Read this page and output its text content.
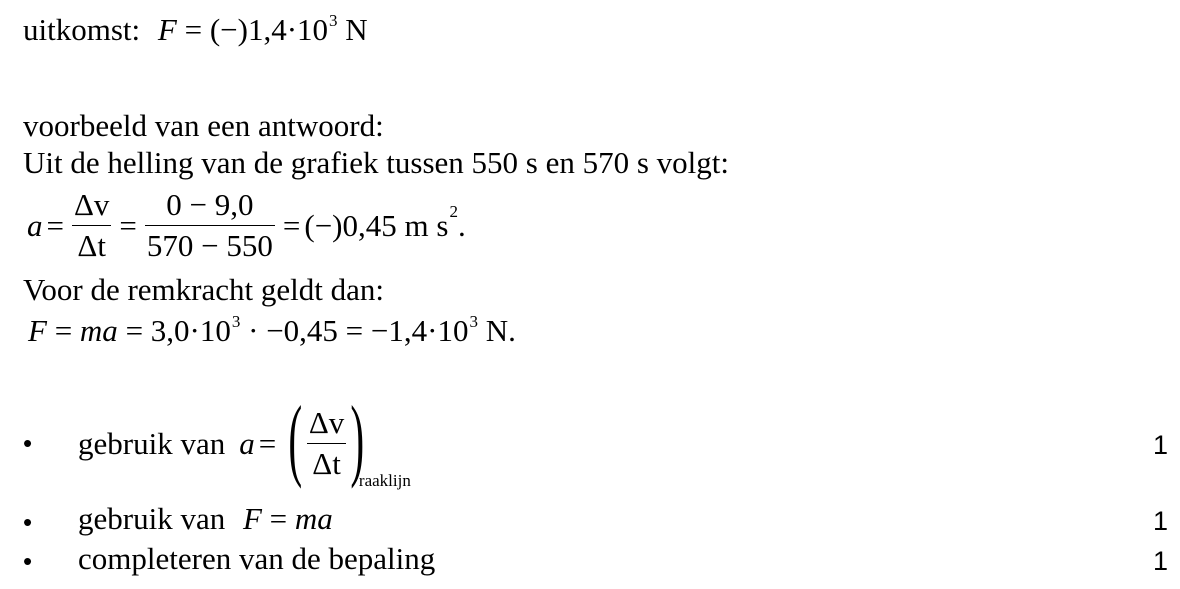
uitkomst: $F = (-)1,4\cdot 10^3$ N
voorbeeld van een antwoord:
Uit de helling van de grafiek tussen 550 s en 570 s volgt:
$a = \frac{\Delta v}{\Delta t} = \frac{0 - 9,0}{570 - 550} = (-)0,45$ m s 2 .
Voor de remkracht geldt dan:
F = ma = $3,0\cdot 10^3 \cdot -0,45 = -1,4\cdot 10^3$ N.
• gebruik van a = ( $\frac{\Delta v}{\Delta t}$ )
raaklijn
1
• gebruik van F = ma	1
• completeren van de bepaling	1
